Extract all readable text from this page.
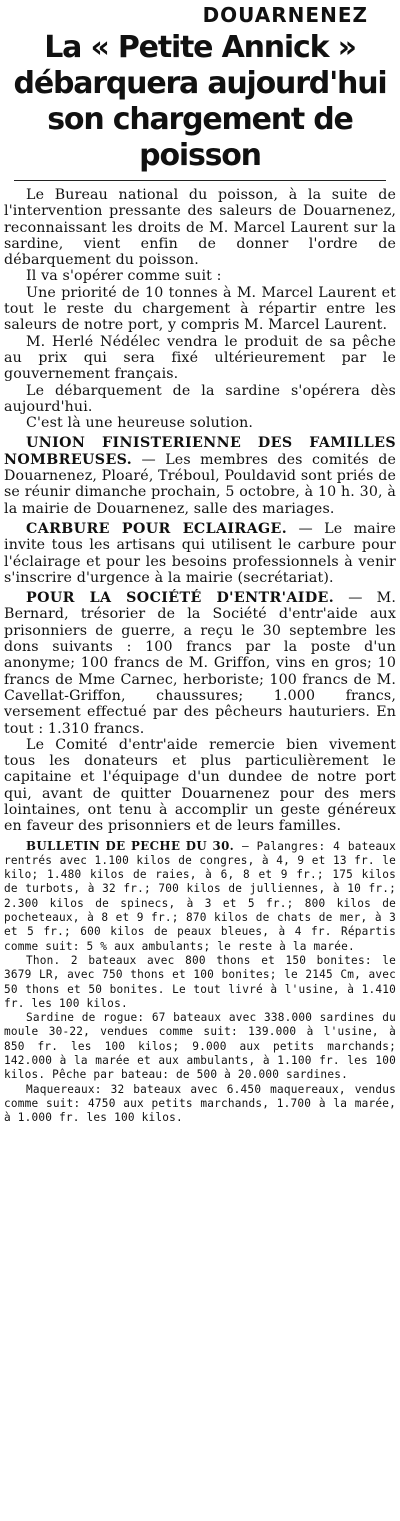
DOUARNENEZ
La « Petite Annick »
débarquera aujourd'hui
son chargement de poisson

Le Bureau national du poisson, à la suite de l'intervention pressante des saleurs de Douarnenez, reconnaissant les droits de M. Marcel Laurent sur la sardine, vient enfin de donner l'ordre de débarquement du poisson.

Il va s'opérer comme suit :

Une priorité de 10 tonnes à M. Marcel Laurent et tout le reste du chargement à répartir entre les saleurs de notre port, y compris M. Marcel Laurent.

M. Herlé Nédélec vendra le produit de sa pêche au prix qui sera fixé ultérieurement par le gouvernement français.

Le débarquement de la sardine s'opérera dès aujourd'hui.

C'est là une heureuse solution.

UNION FINISTERIENNE DES FAMILLES NOMBREUSES. — Les membres des comités de Douarnenez, Ploaré, Tréboul, Pouldavid sont priés de se réunir dimanche prochain, 5 octobre, à 10 h. 30, à la mairie de Douarnenez, salle des mariages.

CARBURE POUR ECLAIRAGE. — Le maire invite tous les artisans qui utilisent le carbure pour l'éclairage et pour les besoins professionnels à venir s'inscrire d'urgence à la mairie (secrétariat).

POUR LA SOCIÉTÉ D'ENTR'AIDE. — M. Bernard, trésorier de la Société d'entr'aide aux prisonniers de guerre, a reçu le 30 septembre les dons suivants : 100 francs par la poste d'un anonyme; 100 francs de M. Griffon, vins en gros; 10 francs de Mme Carnec, herboriste; 100 francs de M. Cavellat-Griffon, chaussures; 1.000 francs, versement effectué par des pêcheurs hauturiers. En tout : 1.310 francs.

Le Comité d'entr'aide remercie bien vivement tous les donateurs et plus particulièrement le capitaine et l'équipage d'un dundee de notre port qui, avant de quitter Douarnenez pour des mers lointaines, ont tenu à accomplir un geste généreux en faveur des prisonniers et de leurs familles.

BULLETIN DE PECHE DU 30. — Palangres: 4 bateaux rentrés avec 1.100 kilos de congres, à 4, 9 et 13 fr. le kilo; 1.480 kilos de raies, à 6, 8 et 9 fr.; 175 kilos de turbots, à 32 fr.; 700 kilos de julliennes, à 10 fr.; 2.300 kilos de spinecs, à 3 et 5 fr.; 800 kilos de pocheteaux, à 8 et 9 fr.; 870 kilos de chats de mer, à 3 et 5 fr.; 600 kilos de peaux bleues, à 4 fr. Répartis comme suit: 5 % aux ambulants; le reste à la marée.

Thon. 2 bateaux avec 800 thons et 150 bonites: le 3679 LR, avec 750 thons et 100 bonites; le 2145 Cm, avec 50 thons et 50 bonites. Le tout livré à l'usine, à 1.410 fr. les 100 kilos.

Sardine de rogue: 67 bateaux avec 338.000 sardines du moule 30-22, vendues comme suit: 139.000 à l'usine, à 850 fr. les 100 kilos; 9.000 aux petits marchands; 142.000 à la marée et aux ambulants, à 1.100 fr. les 100 kilos. Pêche par bateau: de 500 à 20.000 sardines.

Maquereaux: 32 bateaux avec 6.450 maquereaux, vendus comme suit: 4750 aux petits marchands, 1.700 à la marée, à 1.000 fr. les 100 kilos.
